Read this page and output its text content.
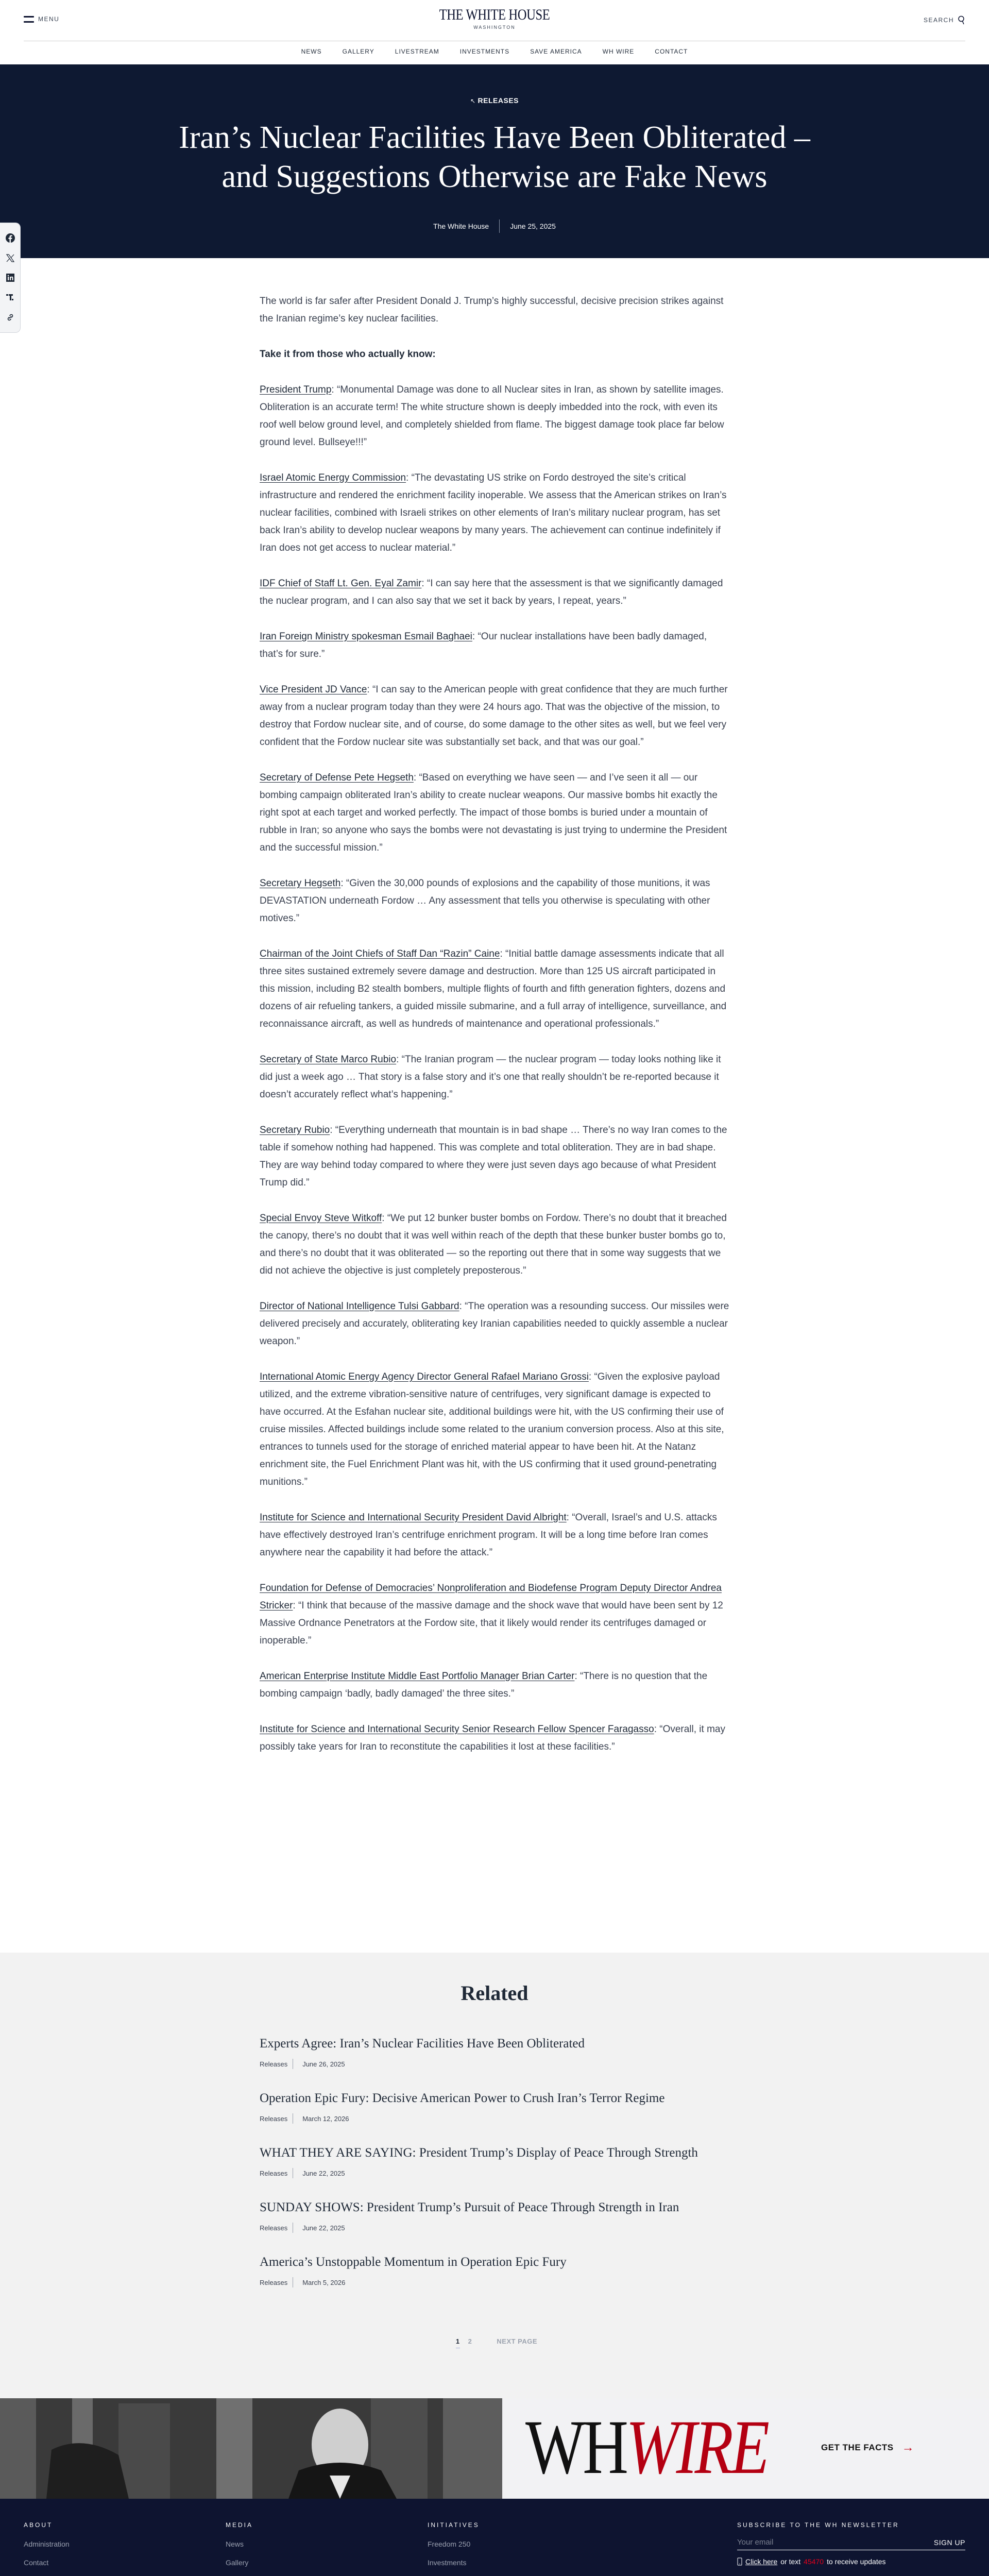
MENU	THE WHITE HOUSE
WASHINGTON
SEARCH
NEWS	GALLERY	LIVESTREAM	INVESTMENTS	SAVE AMERICA	WH WIRE	CONTACT
↖ RELEASES
Iran’s Nuclear Facilities Have Been Obliterated – and Suggestions Otherwise are Fake News
The White House	June 25, 2025

The world is far safer after President Donald J. Trump’s highly successful, decisive precision strikes against the Iranian regime’s key nuclear facilities.

Take it from those who actually know:

President Trump: “Monumental Damage was done to all Nuclear sites in Iran, as shown by satellite images. Obliteration is an accurate term! The white structure shown is deeply imbedded into the rock, with even its roof well below ground level, and completely shielded from flame. The biggest damage took place far below ground level. Bullseye!!!”

Israel Atomic Energy Commission: “The devastating US strike on Fordo destroyed the site’s critical infrastructure and rendered the enrichment facility inoperable. We assess that the American strikes on Iran’s nuclear facilities, combined with Israeli strikes on other elements of Iran’s military nuclear program, has set back Iran’s ability to develop nuclear weapons by many years. The achievement can continue indefinitely if Iran does not get access to nuclear material.”

IDF Chief of Staff Lt. Gen. Eyal Zamir: “I can say here that the assessment is that we significantly damaged the nuclear program, and I can also say that we set it back by years, I repeat, years.”

Iran Foreign Ministry spokesman Esmail Baghaei: “Our nuclear installations have been badly damaged, that’s for sure.”

Vice President JD Vance: “I can say to the American people with great confidence that they are much further away from a nuclear program today than they were 24 hours ago. That was the objective of the mission, to destroy that Fordow nuclear site, and of course, do some damage to the other sites as well, but we feel very confident that the Fordow nuclear site was substantially set back, and that was our goal.”

Secretary of Defense Pete Hegseth: “Based on everything we have seen — and I’ve seen it all — our bombing campaign obliterated Iran’s ability to create nuclear weapons. Our massive bombs hit exactly the right spot at each target and worked perfectly. The impact of those bombs is buried under a mountain of rubble in Iran; so anyone who says the bombs were not devastating is just trying to undermine the President and the successful mission.”

Secretary Hegseth: “Given the 30,000 pounds of explosions and the capability of those munitions, it was DEVASTATION underneath Fordow … Any assessment that tells you otherwise is speculating with other motives.”

Chairman of the Joint Chiefs of Staff Dan “Razin” Caine: “Initial battle damage assessments indicate that all three sites sustained extremely severe damage and destruction. More than 125 US aircraft participated in this mission, including B2 stealth bombers, multiple flights of fourth and fifth generation fighters, dozens and dozens of air refueling tankers, a guided missile submarine, and a full array of intelligence, surveillance, and reconnaissance aircraft, as well as hundreds of maintenance and operational professionals.”

Secretary of State Marco Rubio: “The Iranian program — the nuclear program — today looks nothing like it did just a week ago … That story is a false story and it’s one that really shouldn’t be re-reported because it doesn’t accurately reflect what’s happening.”

Secretary Rubio: “Everything underneath that mountain is in bad shape … There’s no way Iran comes to the table if somehow nothing had happened. This was complete and total obliteration. They are in bad shape. They are way behind today compared to where they were just seven days ago because of what President Trump did.”

Special Envoy Steve Witkoff: “We put 12 bunker buster bombs on Fordow. There’s no doubt that it breached the canopy, there’s no doubt that it was well within reach of the depth that these bunker buster bombs go to, and there’s no doubt that it was obliterated — so the reporting out there that in some way suggests that we did not achieve the objective is just completely preposterous.”

Director of National Intelligence Tulsi Gabbard: “The operation was a resounding success. Our missiles were delivered precisely and accurately, obliterating key Iranian capabilities needed to quickly assemble a nuclear weapon.”

International Atomic Energy Agency Director General Rafael Mariano Grossi: “Given the explosive payload utilized, and the extreme vibration-sensitive nature of centrifuges, very significant damage is expected to have occurred. At the Esfahan nuclear site, additional buildings were hit, with the US confirming their use of cruise missiles. Affected buildings include some related to the uranium conversion process. Also at this site, entrances to tunnels used for the storage of enriched material appear to have been hit. At the Natanz enrichment site, the Fuel Enrichment Plant was hit, with the US confirming that it used ground-penetrating munitions.”

Institute for Science and International Security President David Albright: “Overall, Israel’s and U.S. attacks have effectively destroyed Iran’s centrifuge enrichment program. It will be a long time before Iran comes anywhere near the capability it had before the attack.”

Foundation for Defense of Democracies’ Nonproliferation and Biodefense Program Deputy Director Andrea Stricker: “I think that because of the massive damage and the shock wave that would have been sent by 12 Massive Ordnance Penetrators at the Fordow site, that it likely would render its centrifuges damaged or inoperable.”

American Enterprise Institute Middle East Portfolio Manager Brian Carter: “There is no question that the bombing campaign ‘badly, badly damaged’ the three sites.”

Institute for Science and International Security Senior Research Fellow Spencer Faragasso: “Overall, it may possibly take years for Iran to reconstitute the capabilities it lost at these facilities.”

Related
Experts Agree: Iran’s Nuclear Facilities Have Been Obliterated
Releases June 26, 2025
Operation Epic Fury: Decisive American Power to Crush Iran’s Terror Regime
Releases March 12, 2026
WHAT THEY ARE SAYING: President Trump’s Display of Peace Through Strength
Releases June 22, 2025
SUNDAY SHOWS: President Trump’s Pursuit of Peace Through Strength in Iran
Releases June 22, 2025
America’s Unstoppable Momentum in Operation Epic Fury
Releases March 5, 2026
1 2	NEXT PAGE
WHWIRE	GET THE FACTS →
ABOUT
Administration
Contact
MEDIA
News
Gallery
INITIATIVES
Freedom 250
Investments
SUBSCRIBE TO THE WH NEWSLETTER
Your email
SIGN UP
Click here or text 45470 to receive updates
